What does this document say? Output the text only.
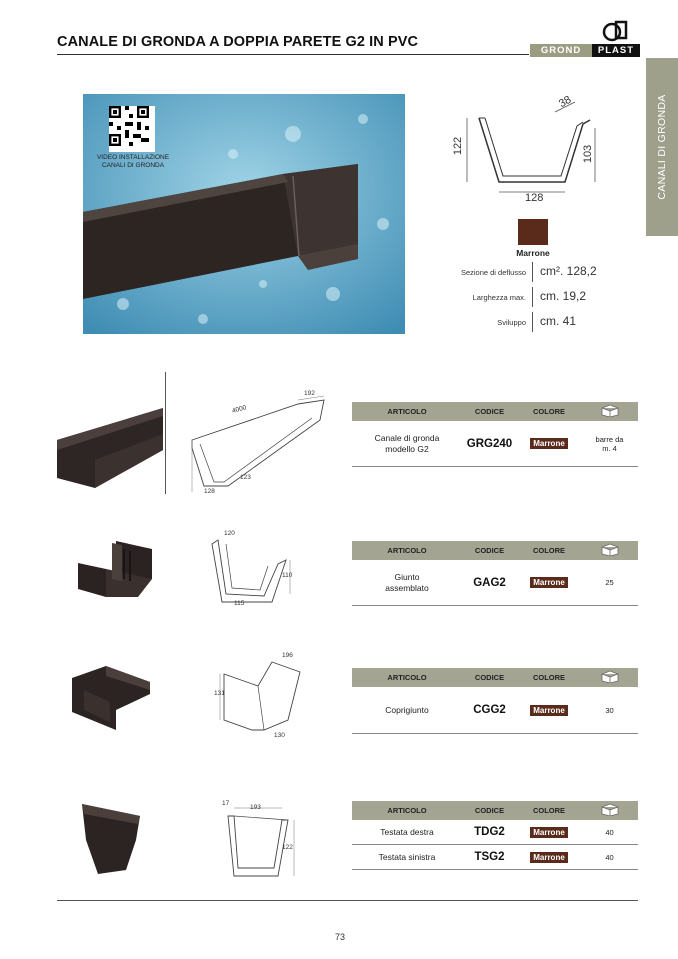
CANALE DI GRONDA A DOPPIA PARETE G2 IN PVC
GROND	PLAST
CANALI DI GRONDA
VIDEO INSTALLAZIONE
CANALI DI GRONDA
122
38
103
128
Marrone
Sezione di deflusso cm². 128,2
Larghezza max. cm. 19,2
Sviluppo cm. 41
4000
192
123
128
ARTICOLO	CODICE	COLORE
Canale di gronda
modello G2	GRG240	Marrone	barre da
m. 4
120
110
115
ARTICOLO	CODICE	COLORE
Giunto
assemblato	GAG2	Marrone	25
196
131
130
ARTICOLO	CODICE	COLORE
Coprigiunto	CGG2	Marrone	30
17
193
122
ARTICOLO	CODICE	COLORE
Testata destra	TDG2	Marrone	40
Testata sinistra	TSG2	Marrone	40
73
